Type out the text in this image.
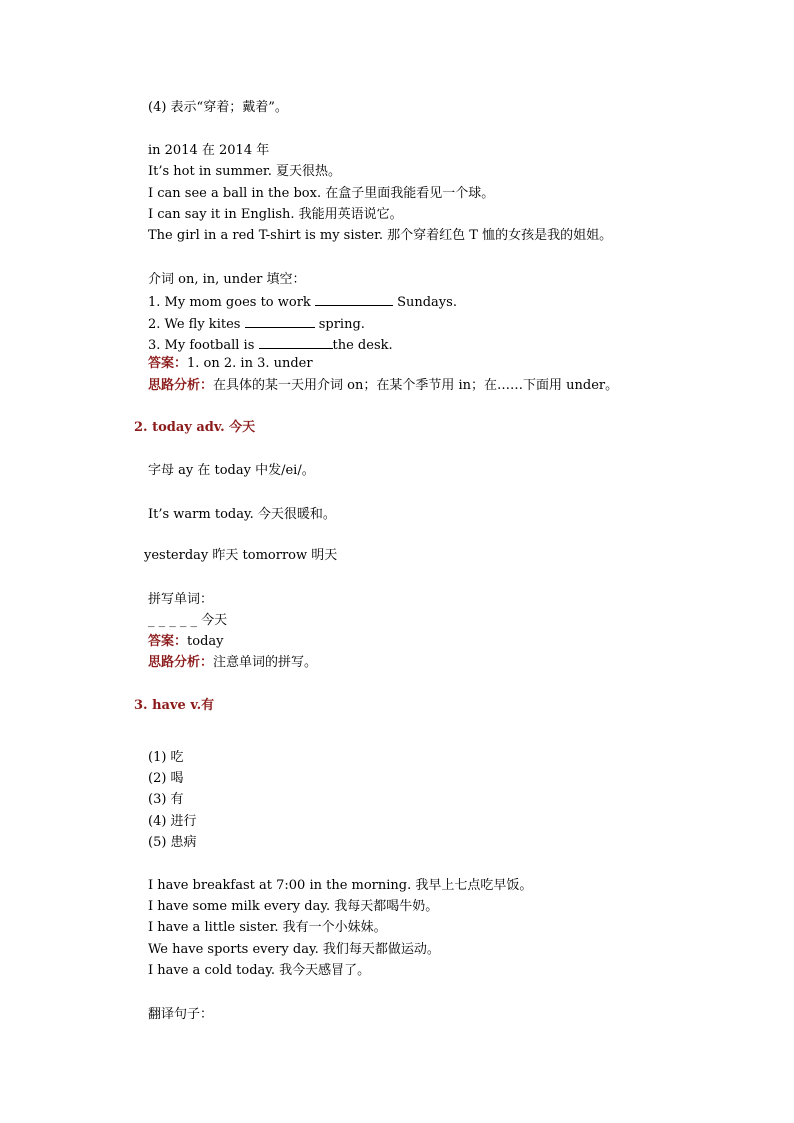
(4) 表示“穿着；戴着”。
in 2014 在 2014 年
It’s hot in summer. 夏天很热。
I can see a ball in the box. 在盒子里面我能看见一个球。
I can say it in English. 我能用英语说它。
The girl in a red T-shirt is my sister. 那个穿着红色 T 恤的女孩是我的姐姐。
介词 on, in, under 填空：
1. My mom goes to work	Sundays.
2. We fly kites	spring.
3. My football is	the desk.
答案：1. on 2. in 3. under
思路分析：在具体的某一天用介词 on；在某个季节用 in；在……下面用 under。
2. today adv. 今天
字母 ay 在 today 中发/ei/。
It’s warm today. 今天很暖和。
yesterday 昨天 tomorrow 明天
拼写单词：
_ _ _ _ _ 今天
答案：today
思路分析：注意单词的拼写。
3. have v.有
(1) 吃
(2) 喝
(3) 有
(4) 进行
(5) 患病
I have breakfast at 7:00 in the morning. 我早上七点吃早饭。
I have some milk every day. 我每天都喝牛奶。
I have a little sister. 我有一个小妹妹。
We have sports every day. 我们每天都做运动。
I have a cold today. 我今天感冒了。
翻译句子：
